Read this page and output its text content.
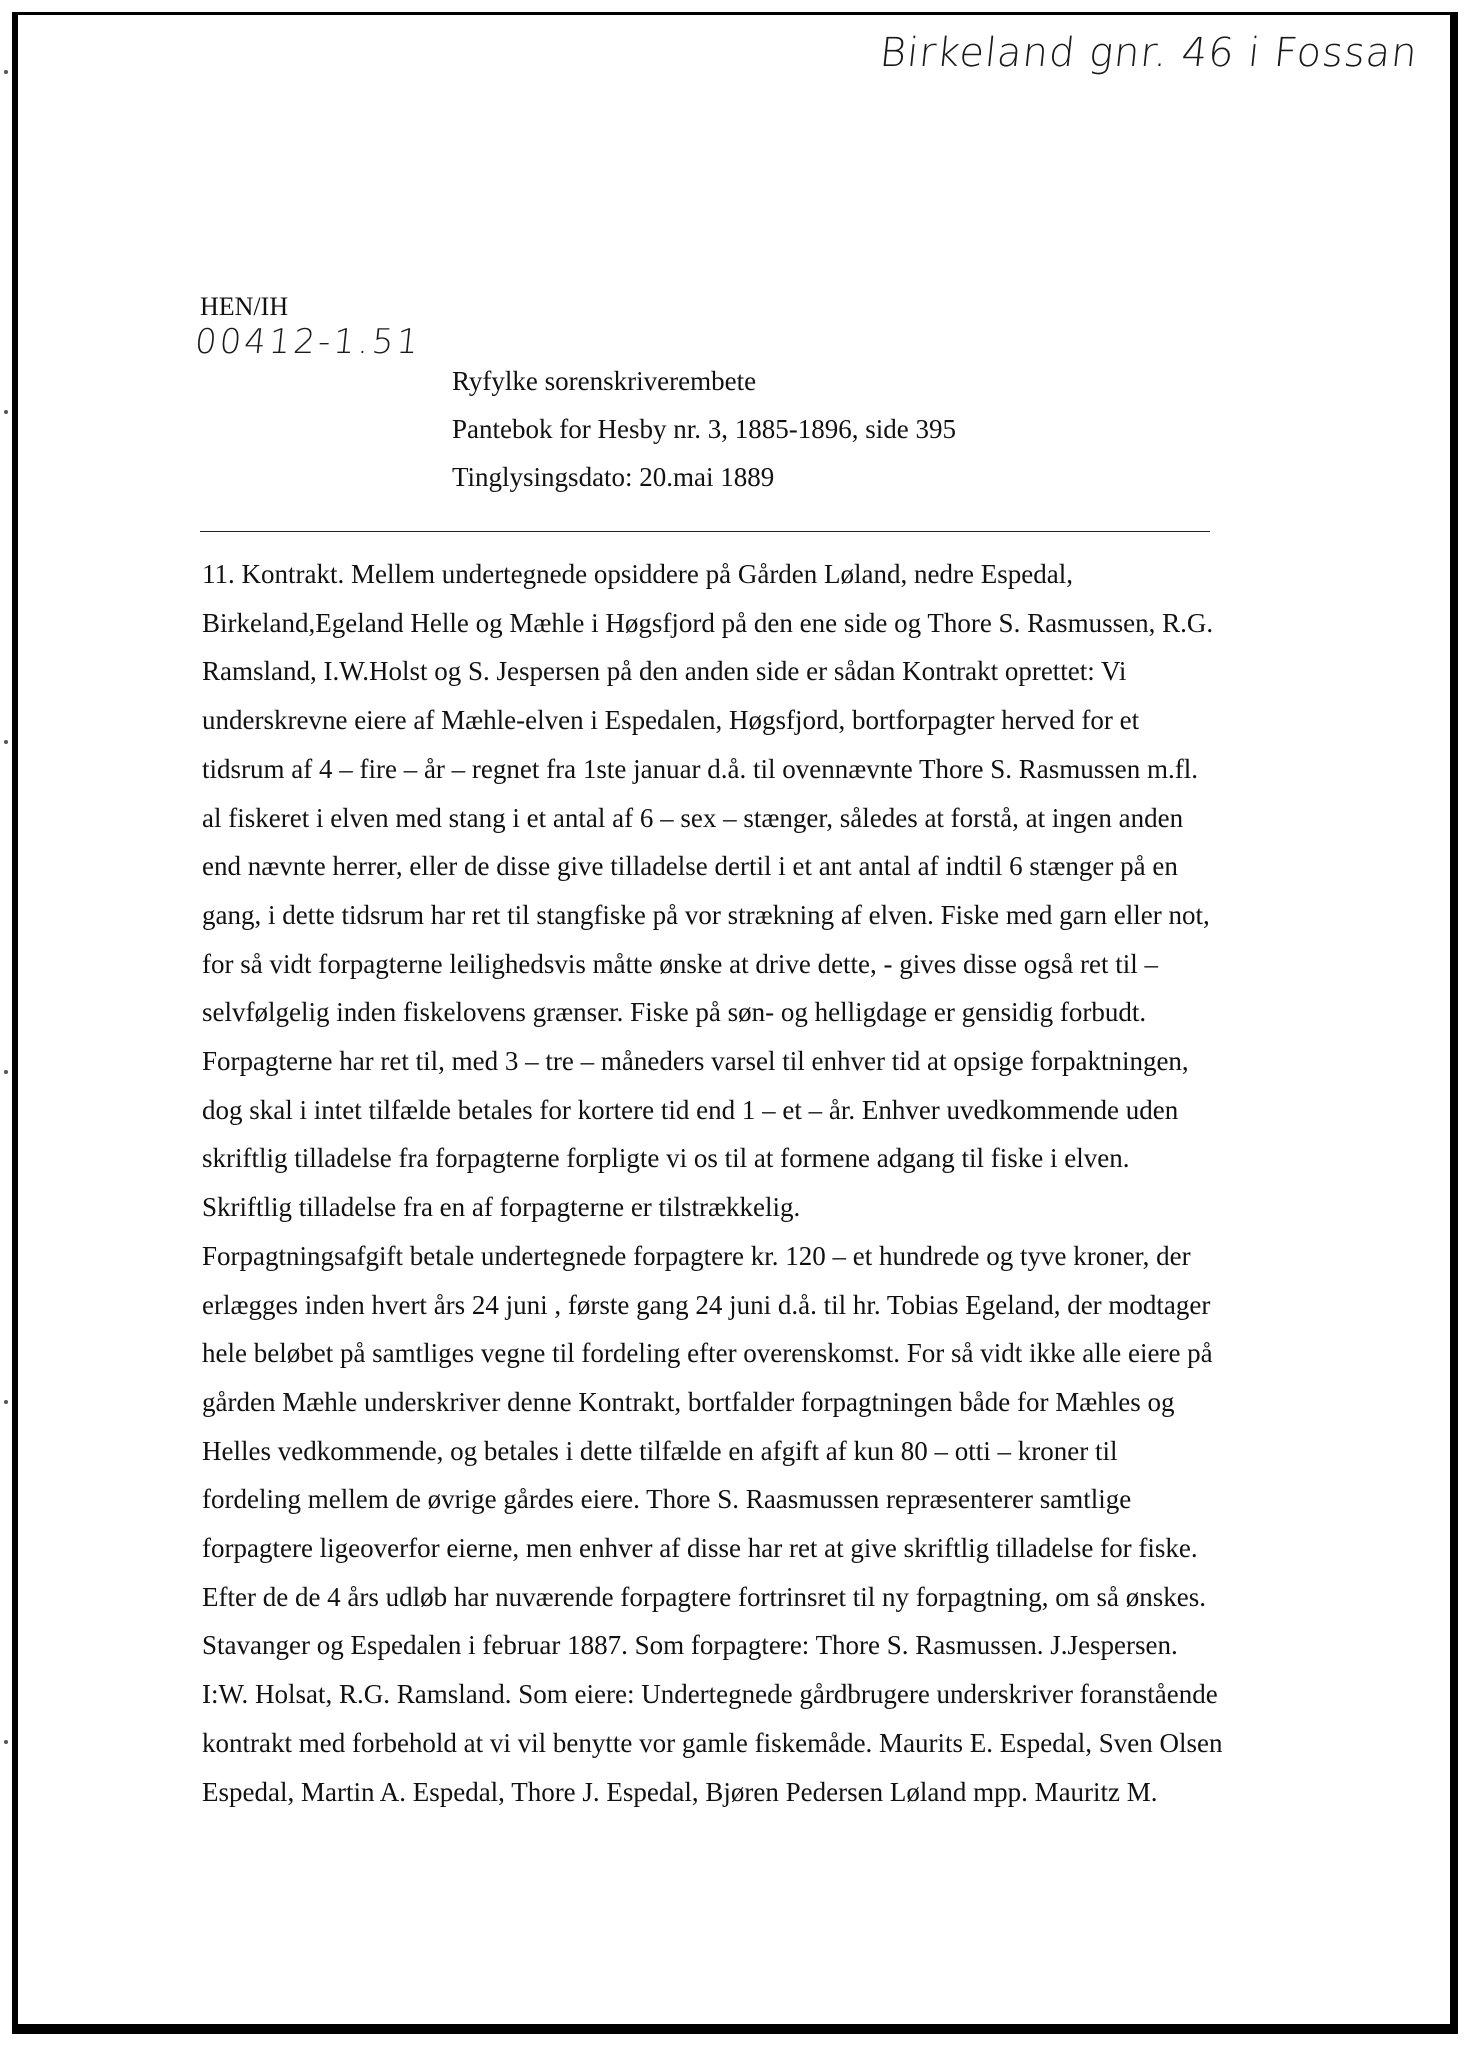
Birkeland gnr. 46 i Fossan
HEN/IH
00412-1.51
Ryfylke sorenskriverembete
Pantebok for Hesby nr. 3, 1885-1896, side 395
Tinglysingsdato: 20.mai 1889
11. Kontrakt. Mellem undertegnede opsiddere på Gården Løland, nedre Espedal,
Birkeland,Egeland Helle og Mæhle i Høgsfjord på den ene side og Thore S. Rasmussen, R.G.
Ramsland, I.W.Holst og S. Jespersen på den anden side er sådan Kontrakt oprettet: Vi
underskrevne eiere af Mæhle-elven i Espedalen, Høgsfjord, bortforpagter herved for et
tidsrum af 4 – fire – år – regnet fra 1ste januar d.å. til ovennævnte Thore S. Rasmussen m.fl.
al fiskeret i elven med stang i et antal af 6 – sex – stænger, således at forstå, at ingen anden
end nævnte herrer, eller de disse give tilladelse dertil i et ant antal af indtil 6 stænger på en
gang, i dette tidsrum har ret til stangfiske på vor strækning af elven. Fiske med garn eller not,
for så vidt forpagterne leilighedsvis måtte ønske at drive dette, - gives disse også ret til –
selvfølgelig inden fiskelovens grænser. Fiske på søn- og helligdage er gensidig forbudt.
Forpagterne har ret til, med 3 – tre – måneders varsel til enhver tid at opsige forpaktningen,
dog skal i intet tilfælde betales for kortere tid end 1 – et – år. Enhver uvedkommende uden
skriftlig tilladelse fra forpagterne forpligte vi os til at formene adgang til fiske i elven.
Skriftlig tilladelse fra en af forpagterne er tilstrækkelig.
Forpagtningsafgift betale undertegnede forpagtere kr. 120 – et hundrede og tyve kroner, der
erlægges inden hvert års 24 juni , første gang 24 juni d.å. til hr. Tobias Egeland, der modtager
hele beløbet på samtliges vegne til fordeling efter overenskomst. For så vidt ikke alle eiere på
gården Mæhle underskriver denne Kontrakt, bortfalder forpagtningen både for Mæhles og
Helles vedkommende, og betales i dette tilfælde en afgift af kun 80 – otti – kroner til
fordeling mellem de øvrige gårdes eiere. Thore S. Raasmussen repræsenterer samtlige
forpagtere ligeoverfor eierne, men enhver af disse har ret at give skriftlig tilladelse for fiske.
Efter de de 4 års udløb har nuværende forpagtere fortrinsret til ny forpagtning, om så ønskes.
Stavanger og Espedalen i februar 1887. Som forpagtere: Thore S. Rasmussen. J.Jespersen.
I:W. Holsat, R.G. Ramsland. Som eiere: Undertegnede gårdbrugere underskriver foranstående
kontrakt med forbehold at vi vil benytte vor gamle fiskemåde. Maurits E. Espedal, Sven Olsen
Espedal, Martin A. Espedal, Thore J. Espedal, Bjøren Pedersen Løland mpp. Mauritz M.
